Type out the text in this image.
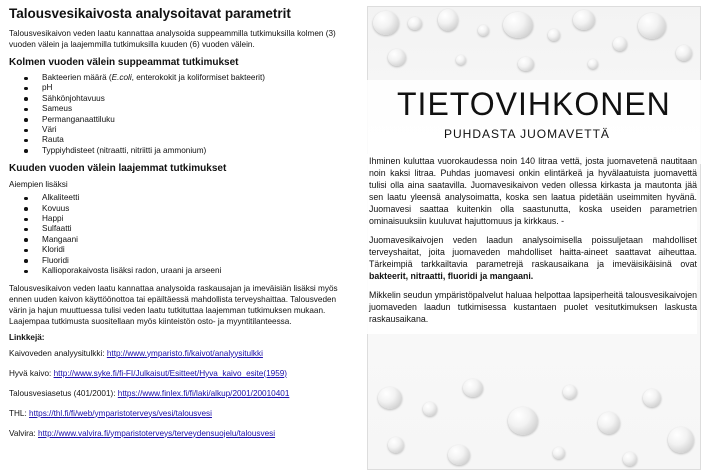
Talousvesikaivosta analysoitavat parametrit

Talousvesikaivon veden laatu kannattaa analysoida suppeammilla tutkimuksilla kolmen (3) vuoden välein ja laajemmilla tutkimuksilla kuuden (6) vuoden välein.

Kolmen vuoden välein suppeammat tutkimukset
Bakteerien määrä (E.coli, enterokokit ja koliformiset bakteerit)
pH
Sähkönjohtavuus
Sameus
Permanganaattiluku
Väri
Rauta
Typpiyhdisteet (nitraatti, nitriitti ja ammonium)
Kuuden vuoden välein laajemmat tutkimukset

Aiempien lisäksi

Alkaliteetti
Kovuus
Happi
Sulfaatti
Mangaani
Kloridi
Fluoridi
Kallioporakaivosta lisäksi radon, uraani ja arseeni

Talousvesikaivon veden laatu kannattaa analysoida raskausajan ja imeväisiän lisäksi myös ennen uuden kaivon käyttöönottoa tai epäiltäessä mahdollista terveyshaittaa. Talousveden värin ja hajun muuttuessa tulisi veden laatu tutkituttaa laajemman tutkimuksen mukaan. Laajempaa tutkimusta suositellaan myös kiinteistön osto- ja myyntitilanteessa.

Linkkejä:

Kaivoveden analyysitulkki: http://www.ymparisto.fi/kaivot/analyysitulkki

Hyvä kaivo: http://www.syke.fi/fi-FI/Julkaisut/Esitteet/Hyva_kaivo_esite(1959)

Talousvesiasetus (401/2001): https://www.finlex.fi/fi/laki/alkup/2001/20010401

THL: https://thl.fi/fi/web/ymparistoterveys/vesi/talousvesi

Valvira: http://www.valvira.fi/ymparistoterveys/terveydensuojelu/talousvesi

TIETOVIHKONEN
PUHDASTA JUOMAVETTÄ

Ihminen kuluttaa vuorokaudessa noin 140 litraa vettä, josta juomavetenä nautitaan noin kaksi litraa. Puhdas juomavesi onkin elintärkeä ja hyvälaatuista juomavettä tulisi olla aina saatavilla. Juomavesikaivon veden ollessa kirkasta ja mautonta jää sen laatu yleensä analysoimatta, koska sen laatua pidetään useimmiten hyvänä. Juomavesi saattaa kuitenkin olla saastunutta, koska useiden parametrien ominaisuuksiin kuuluvat hajuttomuus ja kirkkaus. -

Juomavesikaivojen veden laadun analysoimisella poissuljetaan mahdolliset terveyshaitat, joita juomaveden mahdolliset haitta-aineet saattavat aiheuttaa. Tärkeimpiä tarkkailtavia parametrejä raskausaikana ja imeväisikäisinä ovat bakteerit, nitraatti, fluoridi ja mangaani.

Mikkelin seudun ympäristöpalvelut haluaa helpottaa lapsiperheitä talousvesikaivojen juomaveden laadun tutkimisessa kustantaen puolet vesitutkimuksen laskusta raskausaikana.
